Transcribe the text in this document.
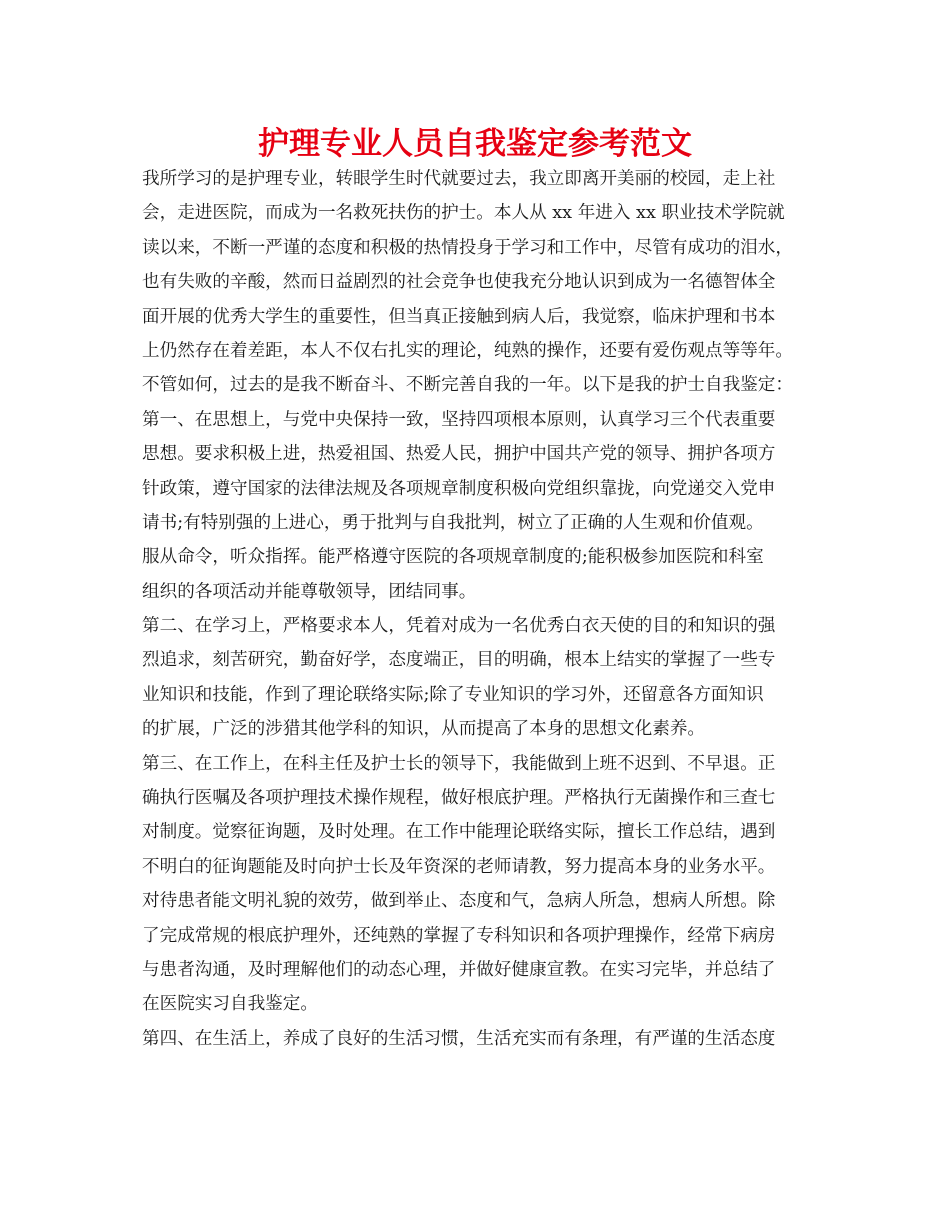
护理专业人员自我鉴定参考范文
我所学习的是护理专业，转眼学生时代就要过去，我立即离开美丽的校园，走上社
会，走进医院，而成为一名救死扶伤的护士。本人从 xx 年进入 xx 职业技术学院就
读以来，不断一严谨的态度和积极的热情投身于学习和工作中，尽管有成功的泪水，
也有失败的辛酸，然而日益剧烈的社会竞争也使我充分地认识到成为一名德智体全
面开展的优秀大学生的重要性，但当真正接触到病人后，我觉察，临床护理和书本
上仍然存在着差距，本人不仅右扎实的理论，纯熟的操作，还要有爱伤观点等等年。
不管如何，过去的是我不断奋斗、不断完善自我的一年。以下是我的护士自我鉴定：
第一、在思想上，与党中央保持一致，坚持四项根本原则，认真学习三个代表重要
思想。要求积极上进，热爱祖国、热爱人民，拥护中国共产党的领导、拥护各项方
针政策，遵守国家的法律法规及各项规章制度积极向党组织靠拢，向党递交入党申
请书;有特别强的上进心，勇于批判与自我批判，树立了正确的人生观和价值观。
服从命令，听众指挥。能严格遵守医院的各项规章制度的;能积极参加医院和科室
组织的各项活动并能尊敬领导，团结同事。
第二、在学习上，严格要求本人，凭着对成为一名优秀白衣天使的目的和知识的强
烈追求，刻苦研究，勤奋好学，态度端正，目的明确，根本上结实的掌握了一些专
业知识和技能，作到了理论联络实际;除了专业知识的学习外，还留意各方面知识
的扩展，广泛的涉猎其他学科的知识，从而提高了本身的思想文化素养。
第三、在工作上，在科主任及护士长的领导下，我能做到上班不迟到、不早退。正
确执行医嘱及各项护理技术操作规程，做好根底护理。严格执行无菌操作和三查七
对制度。觉察征询题，及时处理。在工作中能理论联络实际，擅长工作总结，遇到
不明白的征询题能及时向护士长及年资深的老师请教，努力提高本身的业务水平。
对待患者能文明礼貌的效劳，做到举止、态度和气，急病人所急，想病人所想。除
了完成常规的根底护理外，还纯熟的掌握了专科知识和各项护理操作，经常下病房
与患者沟通，及时理解他们的动态心理，并做好健康宣教。在实习完毕，并总结了
在医院实习自我鉴定。
第四、在生活上，养成了良好的生活习惯，生活充实而有条理，有严谨的生活态度
